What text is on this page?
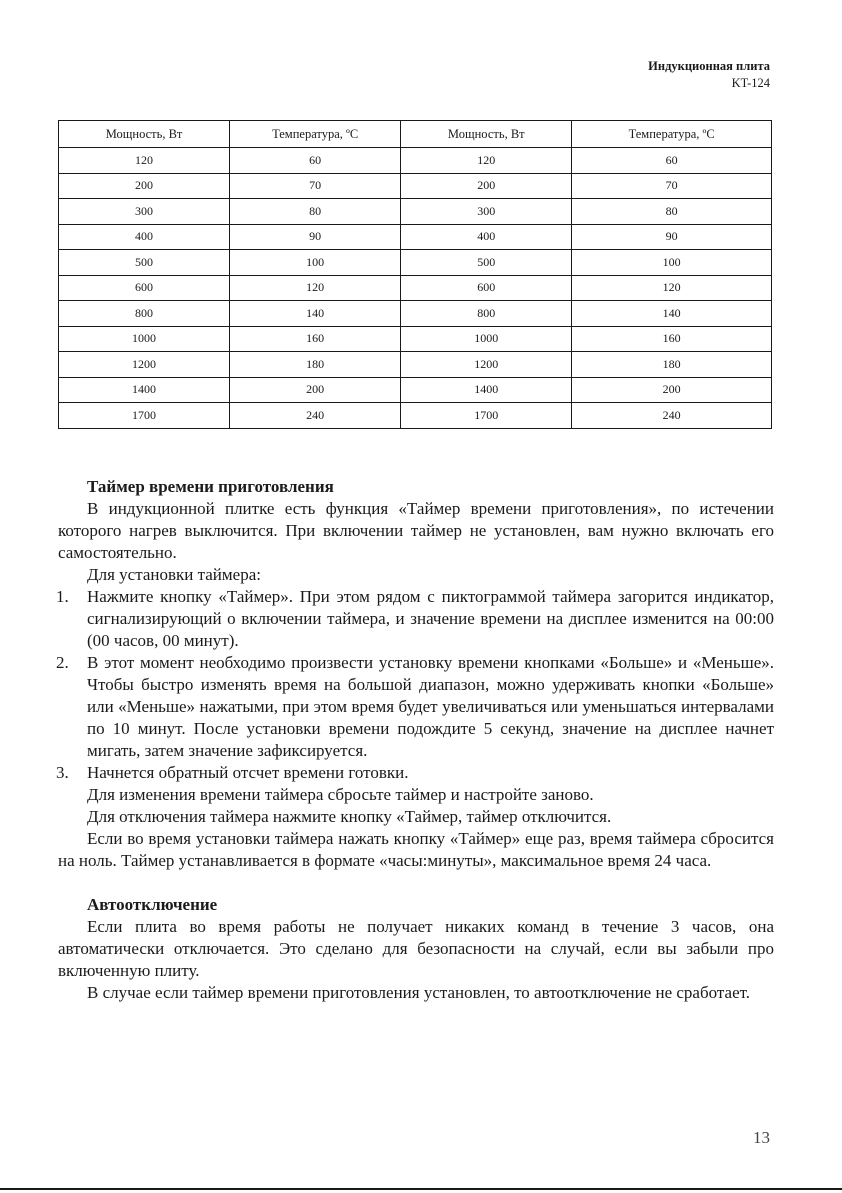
Индукционная плита
KT-124
Мощность, Вт	Температура, ºC	Мощность, Вт	Температура, ºC
120	60	120	60
200	70	200	70
300	80	300	80
400	90	400	90
500	100	500	100
600	120	600	120
800	140	800	140
1000	160	1000	160
1200	180	1200	180
1400	200	1400	200
1700	240	1700	240
Таймер времени приготовления

В индукционной плитке есть функция «Таймер времени приготовления», по истечении которого нагрев выключится. При включении таймер не установлен, вам нужно включать его самостоятельно.

Для установки таймера:

1. Нажмите кнопку «Таймер». При этом рядом с пиктограммой таймера загорится индикатор, сигнализирующий о включении таймера, и значение времени на дисплее изменится на 00:00 (00 часов, 00 минут).
2. В этот момент необходимо произвести установку времени кнопками «Больше» и «Меньше». Чтобы быстро изменять время на большой диапазон, можно удерживать кнопки «Больше» или «Меньше» нажатыми, при этом время будет увеличиваться или уменьшаться интервалами по 10 минут. После установки времени подождите 5 секунд, значение на дисплее начнет мигать, затем значение зафиксируется.
3. Начнется обратный отсчет времени готовки.

Для изменения времени таймера сбросьте таймер и настройте заново.

Для отключения таймера нажмите кнопку «Таймер, таймер отключится.

Если во время установки таймера нажать кнопку «Таймер» еще раз, время таймера сбросится на ноль. Таймер устанавливается в формате «часы:минуты», максимальное время 24 часа.

Автоотключение

Если плита во время работы не получает никаких команд в течение 3 часов, она автоматически отключается. Это сделано для безопасности на случай, если вы забыли про включенную плиту.

В случае если таймер времени приготовления установлен, то автоотключение не сработает.

13
